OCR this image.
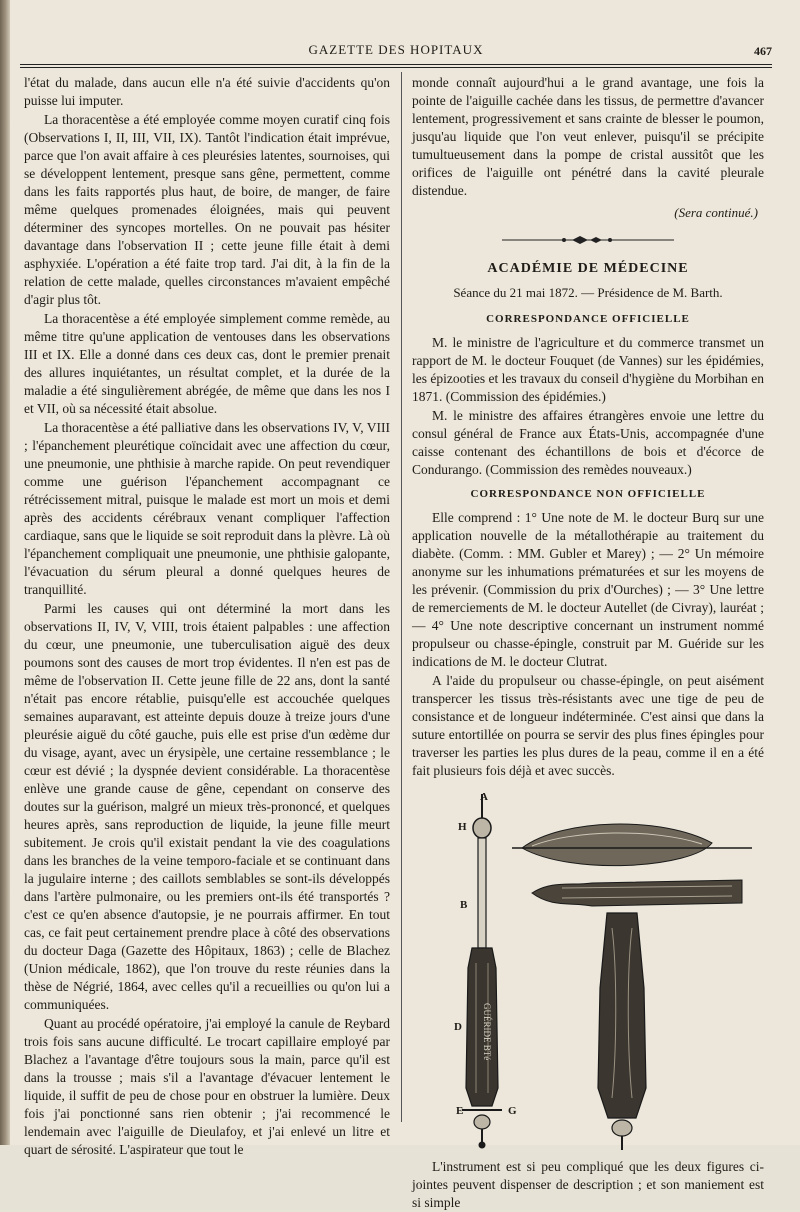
GAZETTE DES HOPITAUX	467

l'état du malade, dans aucun elle n'a été suivie d'accidents qu'on puisse lui imputer.

La thoracentèse a été employée comme moyen curatif cinq fois (Observations I, II, III, VII, IX). Tantôt l'indication était imprévue, parce que l'on avait affaire à ces pleurésies latentes, sournoises, qui se développent lentement, presque sans gêne, permettent, comme dans les faits rapportés plus haut, de boire, de manger, de faire même quelques promenades éloignées, mais qui peuvent déterminer des syncopes mortelles. On ne pouvait pas hésiter davantage dans l'observation II ; cette jeune fille était à demi asphyxiée. L'opération a été faite trop tard. J'ai dit, à la fin de la relation de cette malade, quelles circonstances m'avaient empêché d'agir plus tôt.

La thoracentèse a été employée simplement comme remède, au même titre qu'une application de ventouses dans les observations III et IX. Elle a donné dans ces deux cas, dont le premier prenait des allures inquiétantes, un résultat complet, et la durée de la maladie a été singulièrement abrégée, de même que dans les nos I et VII, où sa nécessité était absolue.

La thoracentèse a été palliative dans les observations IV, V, VIII ; l'épanchement pleurétique coïncidait avec une affection du cœur, une pneumonie, une phthisie à marche rapide. On peut revendiquer comme une guérison l'épanchement accompagnant ce rétrécissement mitral, puisque le malade est mort un mois et demi après des accidents cérébraux venant compliquer l'affection cardiaque, sans que le liquide se soit reproduit dans la plèvre. Là où l'épanchement compliquait une pneumonie, une phthisie galopante, l'évacuation du sérum pleural a donné quelques heures de tranquillité.

Parmi les causes qui ont déterminé la mort dans les observations II, IV, V, VIII, trois étaient palpables : une affection du cœur, une pneumonie, une tuberculisation aiguë des deux poumons sont des causes de mort trop évidentes. Il n'en est pas de même de l'observation II. Cette jeune fille de 22 ans, dont la santé n'était pas encore rétablie, puisqu'elle est accouchée quelques semaines auparavant, est atteinte depuis douze à treize jours d'une pleurésie aiguë du côté gauche, puis elle est prise d'un œdème dur du visage, ayant, avec un érysipèle, une certaine ressemblance ; le cœur est dévié ; la dyspnée devient considérable. La thoracentèse enlève une grande cause de gêne, cependant on conserve des doutes sur la guérison, malgré un mieux très-prononcé, et quelques heures après, sans reproduction de liquide, la jeune fille meurt subitement. Je crois qu'il existait pendant la vie des coagulations dans les branches de la veine temporo-faciale et se continuant dans la jugulaire interne ; des caillots semblables se sont-ils développés dans l'artère pulmonaire, ou les premiers ont-ils été transportés ? c'est ce qu'en absence d'autopsie, je ne pourrais affirmer. En tout cas, ce fait peut certainement prendre place à côté des observations du docteur Daga (Gazette des Hôpitaux, 1863) ; celle de Blachez (Union médicale, 1862), que l'on trouve du reste réunies dans la thèse de Négrié, 1864, avec celles qu'il a recueillies ou qu'on lui a communiquées.

Quant au procédé opératoire, j'ai employé la canule de Reybard trois fois sans aucune difficulté. Le trocart capillaire employé par Blachez a l'avantage d'être toujours sous la main, parce qu'il est dans la trousse ; mais s'il a l'avantage d'évacuer lentement le liquide, il suffit de peu de chose pour en obstruer la lumière. Deux fois j'ai ponctionné sans rien obtenir ; j'ai recommencé le lendemain avec l'aiguille de Dieulafoy, et j'ai enlevé un litre et quart de sérosité. L'aspirateur que tout le

monde connaît aujourd'hui a le grand avantage, une fois la pointe de l'aiguille cachée dans les tissus, de permettre d'avancer lentement, progressivement et sans crainte de blesser le poumon, jusqu'au liquide que l'on veut enlever, puisqu'il se précipite tumultueusement dans la pompe de cristal aussitôt que les orifices de l'aiguille ont pénétré dans la cavité pleurale distendue.

(Sera continué.)
ACADÉMIE DE MÉDECINE
Séance du 21 mai 1872. — Présidence de M. Barth.
CORRESPONDANCE OFFICIELLE

M. le ministre de l'agriculture et du commerce transmet un rapport de M. le docteur Fouquet (de Vannes) sur les épidémies, les épizooties et les travaux du conseil d'hygiène du Morbihan en 1871. (Commission des épidémies.)

M. le ministre des affaires étrangères envoie une lettre du consul général de France aux États-Unis, accompagnée d'une caisse contenant des échantillons de bois et d'écorce de Condurango. (Commission des remèdes nouveaux.)

CORRESPONDANCE NON OFFICIELLE

Elle comprend : 1° Une note de M. le docteur Burq sur une application nouvelle de la métallothérapie au traitement du diabète. (Comm. : MM. Gubler et Marey) ; — 2° Un mémoire anonyme sur les inhumations prématurées et sur les moyens de les prévenir. (Commission du prix d'Ourches) ; — 3° Une lettre de remerciements de M. le docteur Autellet (de Civray), lauréat ; — 4° Une note descriptive concernant un instrument nommé propulseur ou chasse-épingle, construit par M. Guéride sur les indications de M. le docteur Clutrat.

A l'aide du propulseur ou chasse-épingle, on peut aisément transpercer les tissus très-résistants avec une tige de peu de consistance et de longueur indéterminée. C'est ainsi que dans la suture entortillée on pourra se servir des plus fines épingles pour traverser les parties les plus dures de la peau, comme il en a été fait plusieurs fois déjà et avec succès.

GUÉRIDE BTé
A
H
B
D
E	G

L'instrument est si peu compliqué que les deux figures ci-jointes peuvent dispenser de description ; et son maniement est si simple
